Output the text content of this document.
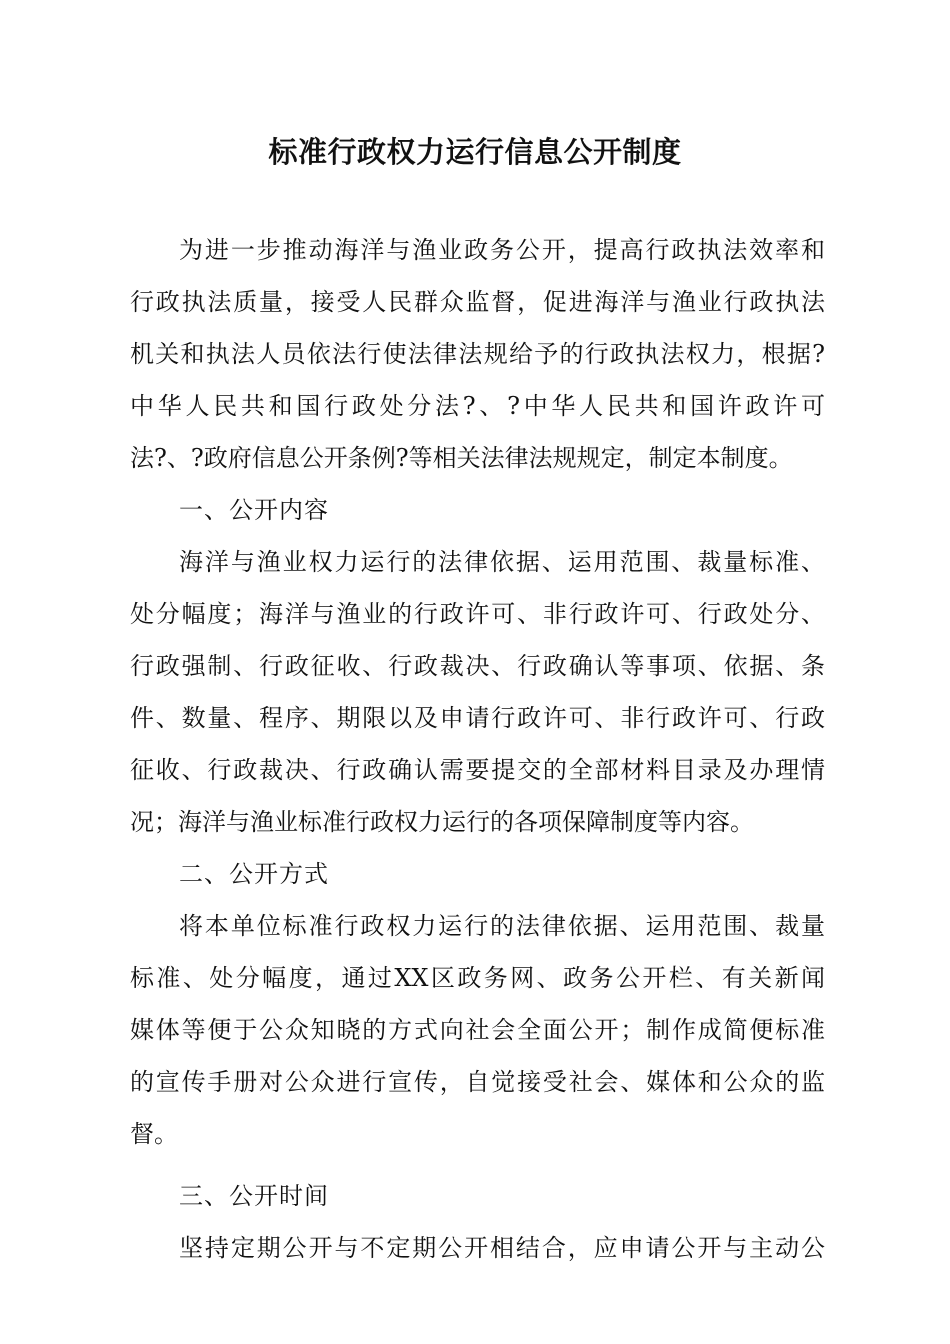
标准行政权力运行信息公开制度
为进一步推动海洋与渔业政务公开，提高行政执法效率和
行政执法质量，接受人民群众监督，促进海洋与渔业行政执法
机关和执法人员依法行使法律法规给予的行政执法权力，根据?
中华人民共和国行政处分法?、?中华人民共和国许政许可
法?、?政府信息公开条例?等相关法律法规规定，制定本制度。
一、公开内容
海洋与渔业权力运行的法律依据、运用范围、裁量标准、
处分幅度；海洋与渔业的行政许可、非行政许可、行政处分、
行政强制、行政征收、行政裁决、行政确认等事项、依据、条
件、数量、程序、期限以及申请行政许可、非行政许可、行政
征收、行政裁决、行政确认需要提交的全部材料目录及办理情
况；海洋与渔业标准行政权力运行的各项保障制度等内容。
二、公开方式
将本单位标准行政权力运行的法律依据、运用范围、裁量
标准、处分幅度，通过XX区政务网、政务公开栏、有关新闻
媒体等便于公众知晓的方式向社会全面公开；制作成简便标准
的宣传手册对公众进行宣传，自觉接受社会、媒体和公众的监
督。
三、公开时间
坚持定期公开与不定期公开相结合，应申请公开与主动公
